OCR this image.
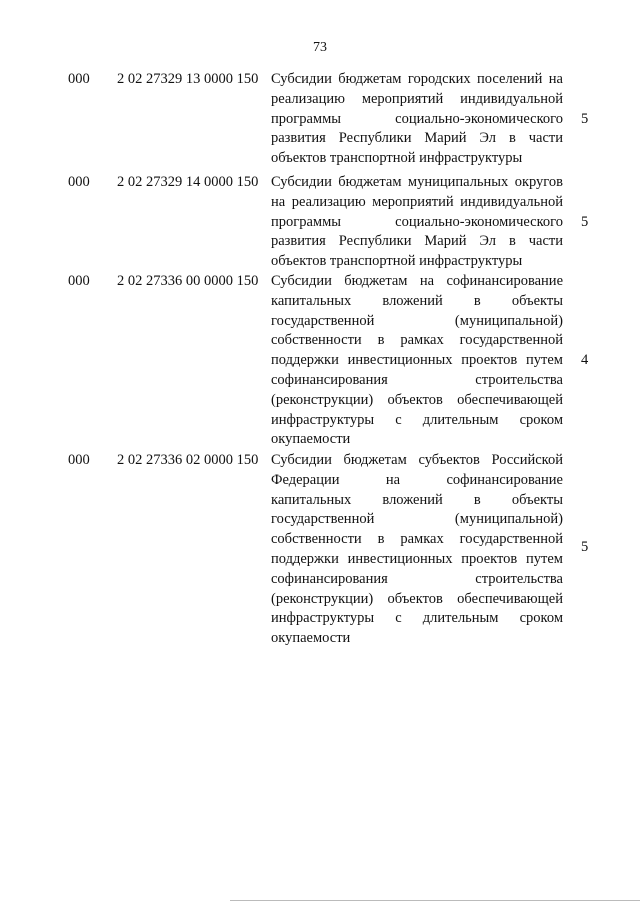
73
000 2 02 27329 13 0000 150 Субсидии бюджетам городских поселений на
реализацию мероприятий индивидуальной
программы социально-экономического
развития Республики Марий Эл в части
объектов транспортной инфраструктуры
5
000 2 02 27329 14 0000 150 Субсидии бюджетам муниципальных округов
на реализацию мероприятий индивидуальной
программы социально-экономического
развития Республики Марий Эл в части
объектов транспортной инфраструктуры
5
000 2 02 27336 00 0000 150 Субсидии бюджетам на софинансирование
капитальных вложений в объекты
государственной (муниципальной)
собственности в рамках государственной
поддержки инвестиционных проектов путем
софинансирования строительства
(реконструкции) объектов обеспечивающей
инфраструктуры с длительным сроком
окупаемости
4
000 2 02 27336 02 0000 150 Субсидии бюджетам субъектов Российской
Федерации на софинансирование
капитальных вложений в объекты
государственной (муниципальной)
собственности в рамках государственной
поддержки инвестиционных проектов путем
софинансирования строительства
(реконструкции) объектов обеспечивающей
инфраструктуры с длительным сроком
окупаемости
5
